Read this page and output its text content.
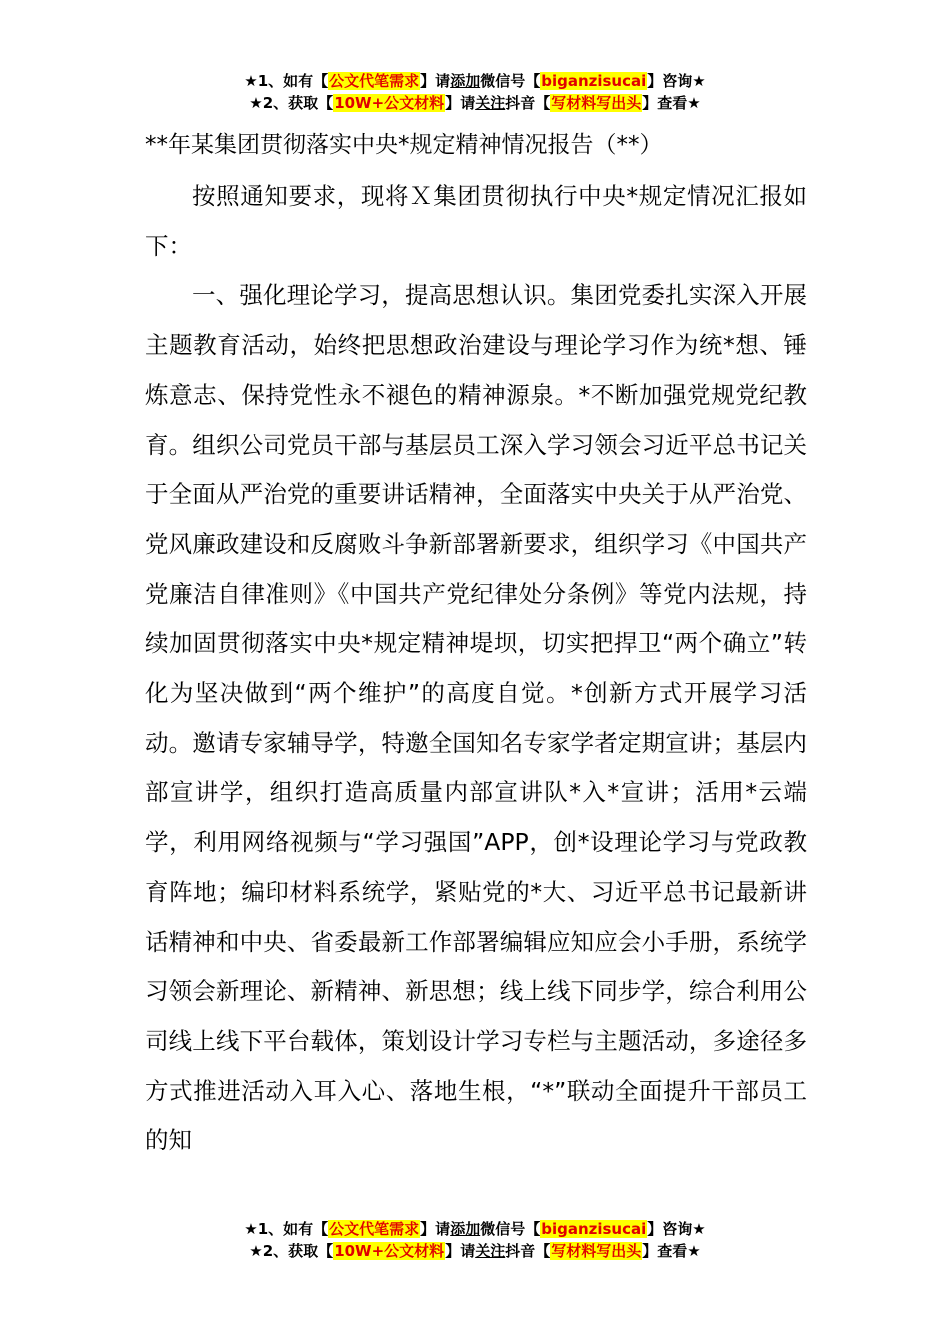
★1、如有【公文代笔需求】请添加微信号【biganzisucai】咨询★
★2、获取【10W+公文材料】请关注抖音【写材料写出头】查看★
**年某集团贯彻落实中央*规定精神情况报告（**）

按照通知要求，现将Ｘ集团贯彻执行中央*规定情况汇报如下：

一、强化理论学习，提高思想认识。集团党委扎实深入开展主题教育活动，始终把思想政治建设与理论学习作为统*想、锤炼意志、保持党性永不褪色的精神源泉。*不断加强党规党纪教育。组织公司党员干部与基层员工深入学习领会习近平总书记关于全面从严治党的重要讲话精神，全面落实中央关于从严治党、党风廉政建设和反腐败斗争新部署新要求，组织学习《中国共产党廉洁自律准则》《中国共产党纪律处分条例》等党内法规，持续加固贯彻落实中央*规定精神堤坝，切实把捍卫“两个确立”转化为坚决做到“两个维护”的高度自觉。*创新方式开展学习活动。邀请专家辅导学，特邀全国知名专家学者定期宣讲；基层内部宣讲学，组织打造高质量内部宣讲队*入*宣讲；活用*云端学，利用网络视频与“学习强国”APP，创*设理论学习与党政教育阵地；编印材料系统学，紧贴党的*大、习近平总书记最新讲话精神和中央、省委最新工作部署编辑应知应会小手册，系统学习领会新理论、新精神、新思想；线上线下同步学，综合利用公司线上线下平台载体，策划设计学习专栏与主题活动，多途径多方式推进活动入耳入心、落地生根，“*”联动全面提升干部员工的知

★1、如有【公文代笔需求】请添加微信号【biganzisucai】咨询★
★2、获取【10W+公文材料】请关注抖音【写材料写出头】查看★
